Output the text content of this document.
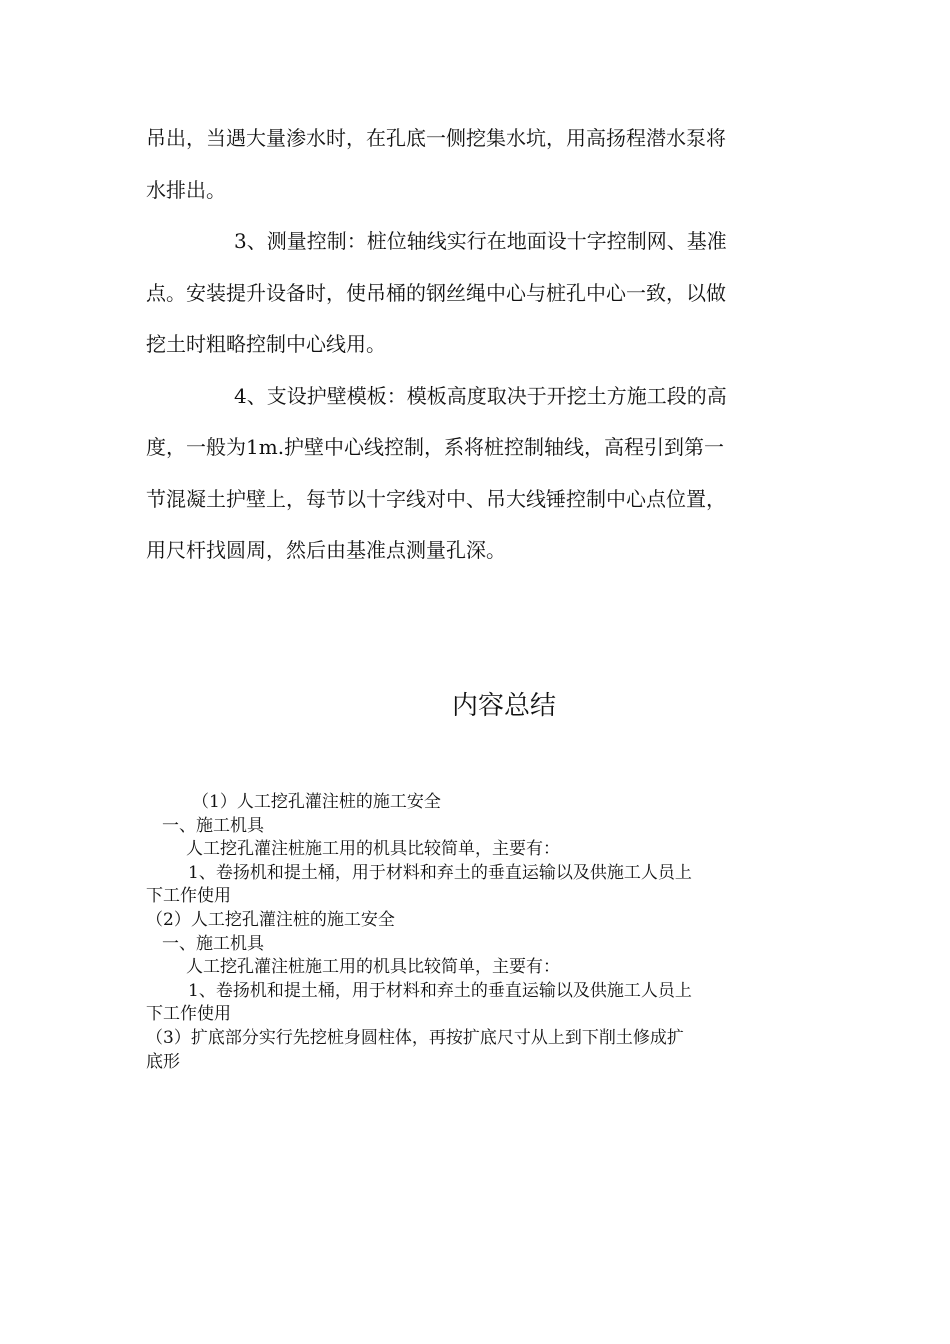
吊出，当遇大量渗水时，在孔底一侧挖集水坑，用高扬程潜水泵将
水排出。
3、测量控制：桩位轴线实行在地面设十字控制网、基准
点。安装提升设备时，使吊桶的钢丝绳中心与桩孔中心一致，以做
挖土时粗略控制中心线用。
4、支设护壁模板：模板高度取决于开挖土方施工段的高
度，一般为1m.护壁中心线控制，系将桩控制轴线，高程引到第一
节混凝土护壁上，每节以十字线对中、吊大线锤控制中心点位置，
用尺杆找圆周，然后由基准点测量孔深。
内容总结
（1）人工挖孔灌注桩的施工安全
一、施工机具
人工挖孔灌注桩施工用的机具比较简单，主要有：
1、卷扬机和提土桶，用于材料和弃土的垂直运输以及供施工人员上
下工作使用
（2）人工挖孔灌注桩的施工安全
一、施工机具
人工挖孔灌注桩施工用的机具比较简单，主要有：
1、卷扬机和提土桶，用于材料和弃土的垂直运输以及供施工人员上
下工作使用
（3）扩底部分实行先挖桩身圆柱体，再按扩底尺寸从上到下削土修成扩
底形
